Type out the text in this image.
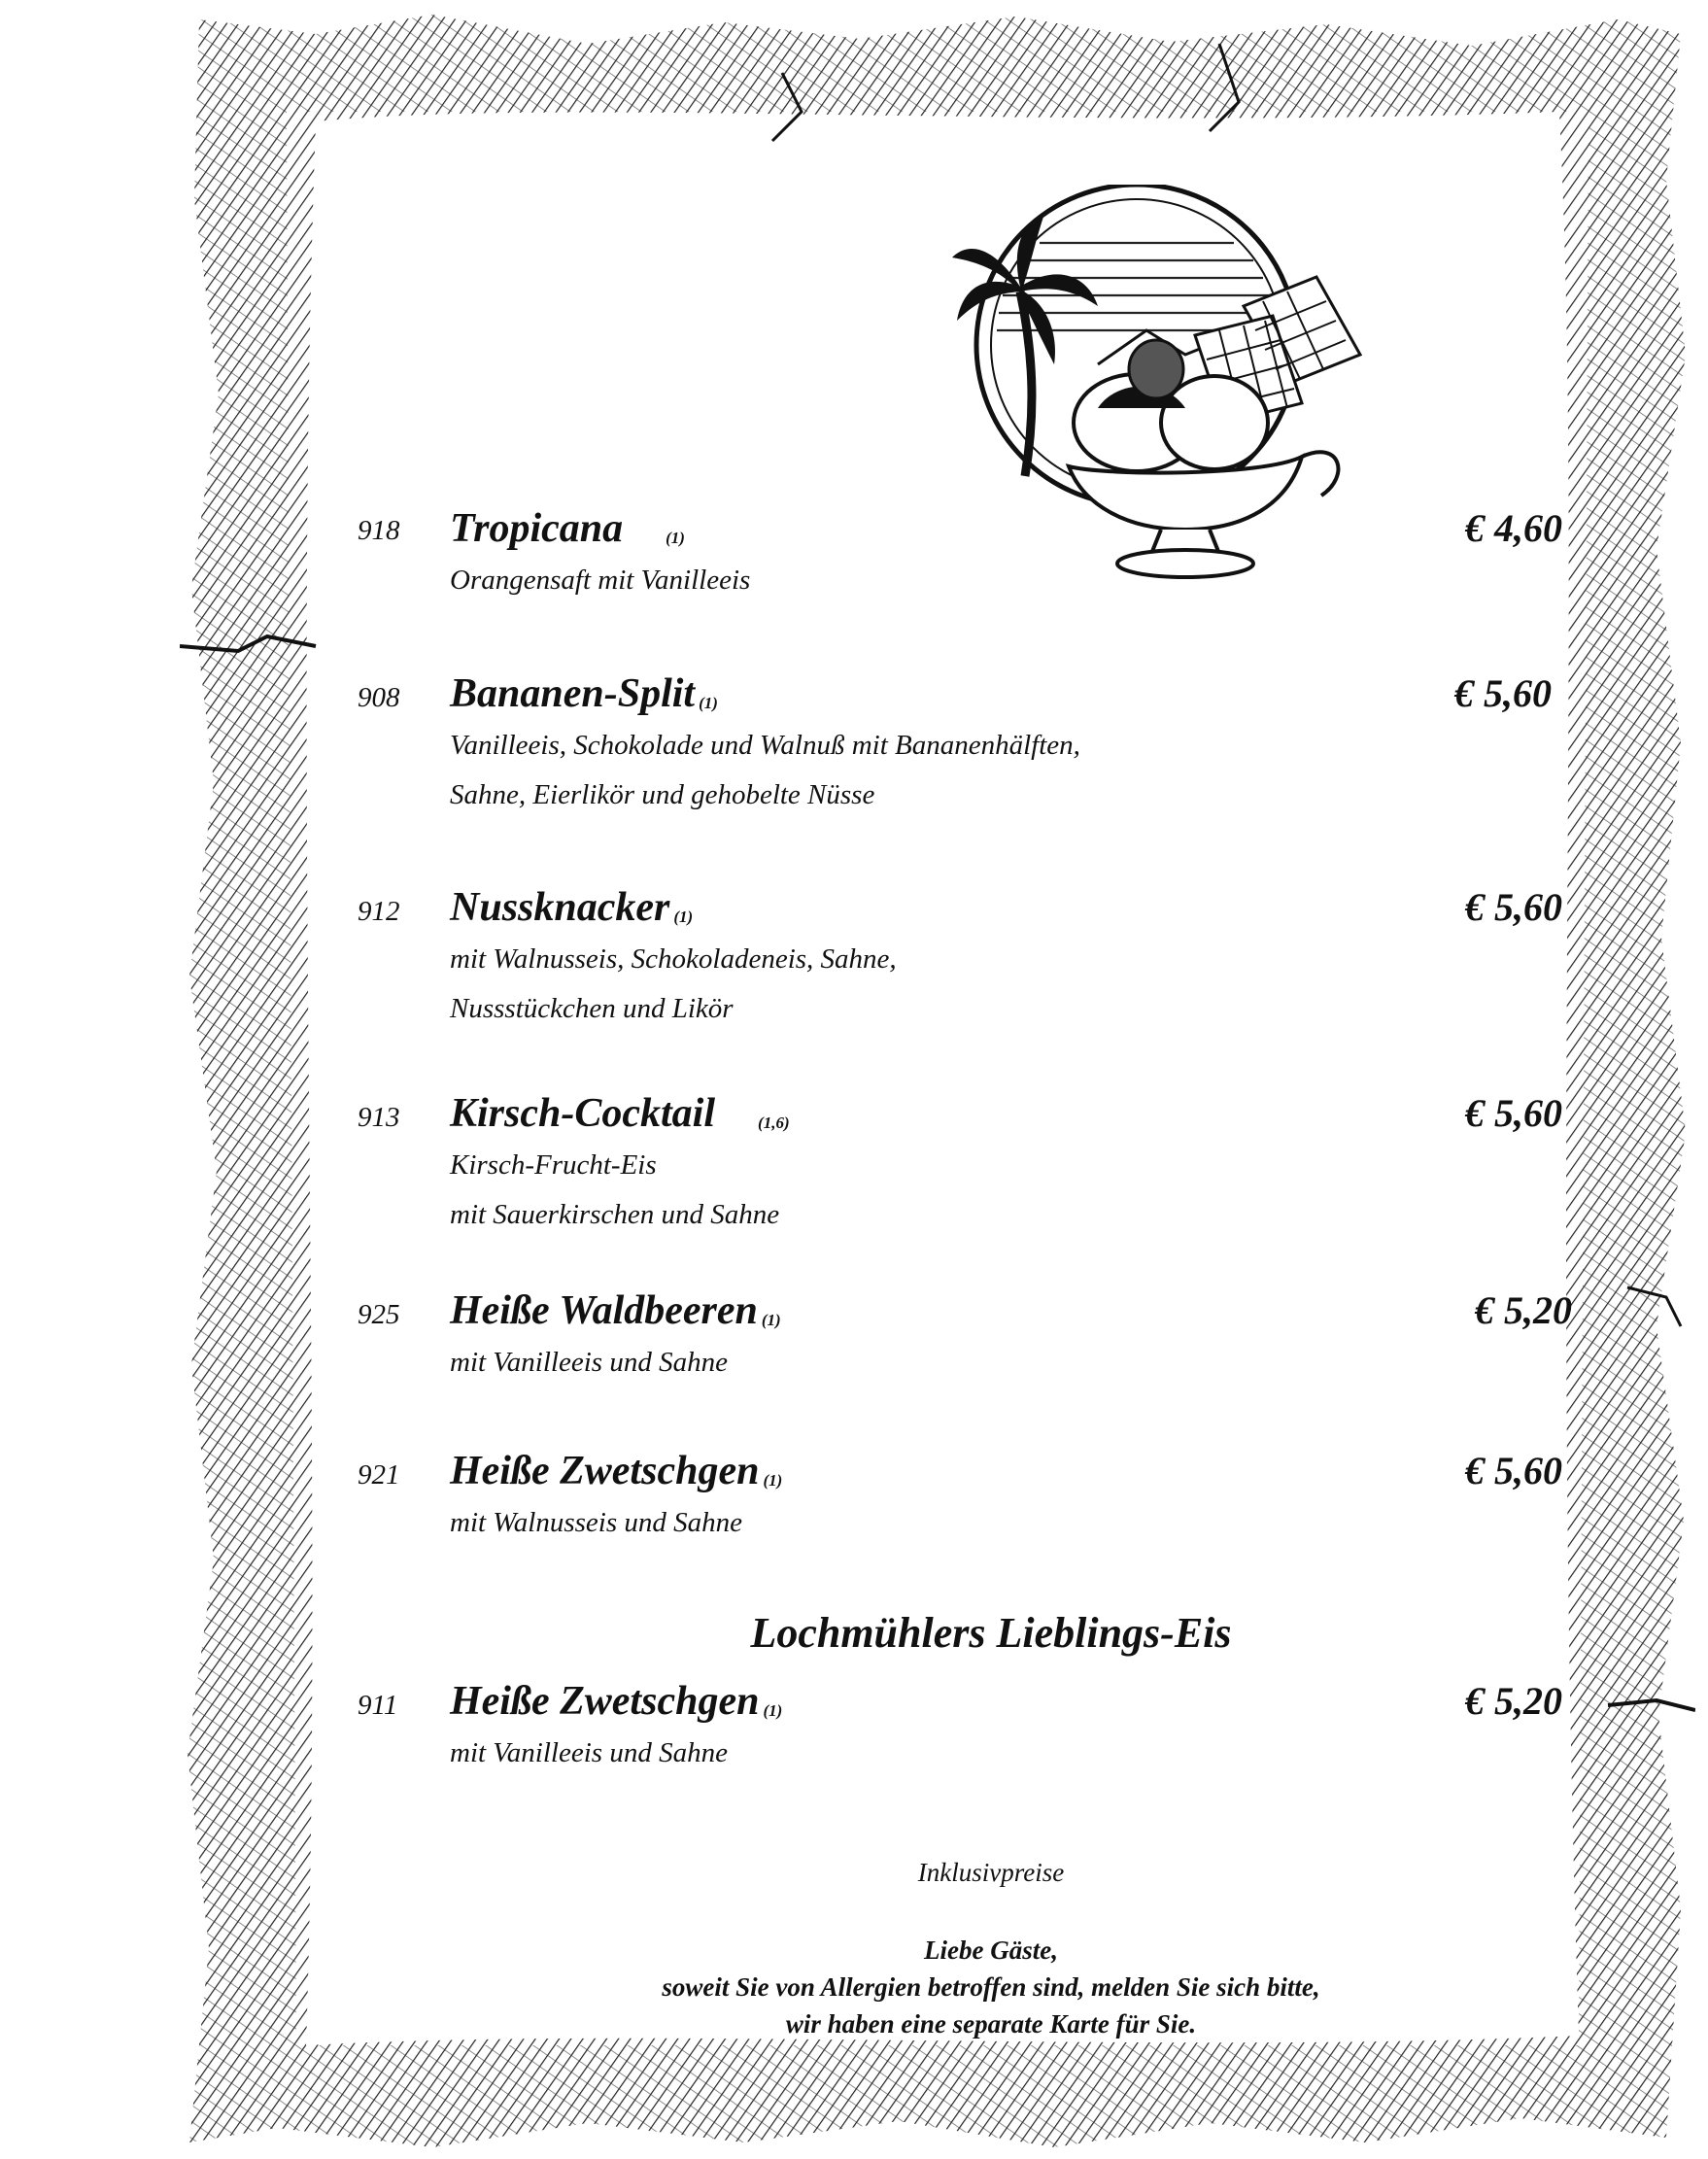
918 Tropicana	(1)	€ 4,60
Orangensaft mit Vanilleeis
908 Bananen-Split (1)	€ 5,60
Vanilleeis, Schokolade und Walnuß mit Bananenhälften,
Sahne, Eierlikör und gehobelte Nüsse
912 Nussknacker (1)	€ 5,60
mit Walnusseis, Schokoladeneis, Sahne,
Nussstückchen und Likör
913 Kirsch-Cocktail	(1,6)	€ 5,60
Kirsch-Frucht-Eis
mit Sauerkirschen und Sahne
925 Heiße Waldbeeren (1)	€ 5,20
mit Vanilleeis und Sahne
921 Heiße Zwetschgen (1)	€ 5,60
mit Walnusseis und Sahne
Lochmühlers Lieblings-Eis
911 Heiße Zwetschgen (1)	€ 5,20
mit Vanilleeis und Sahne
Inklusivpreise
Liebe Gäste,
soweit Sie von Allergien betroffen sind, melden Sie sich bitte,
wir haben eine separate Karte für Sie.
